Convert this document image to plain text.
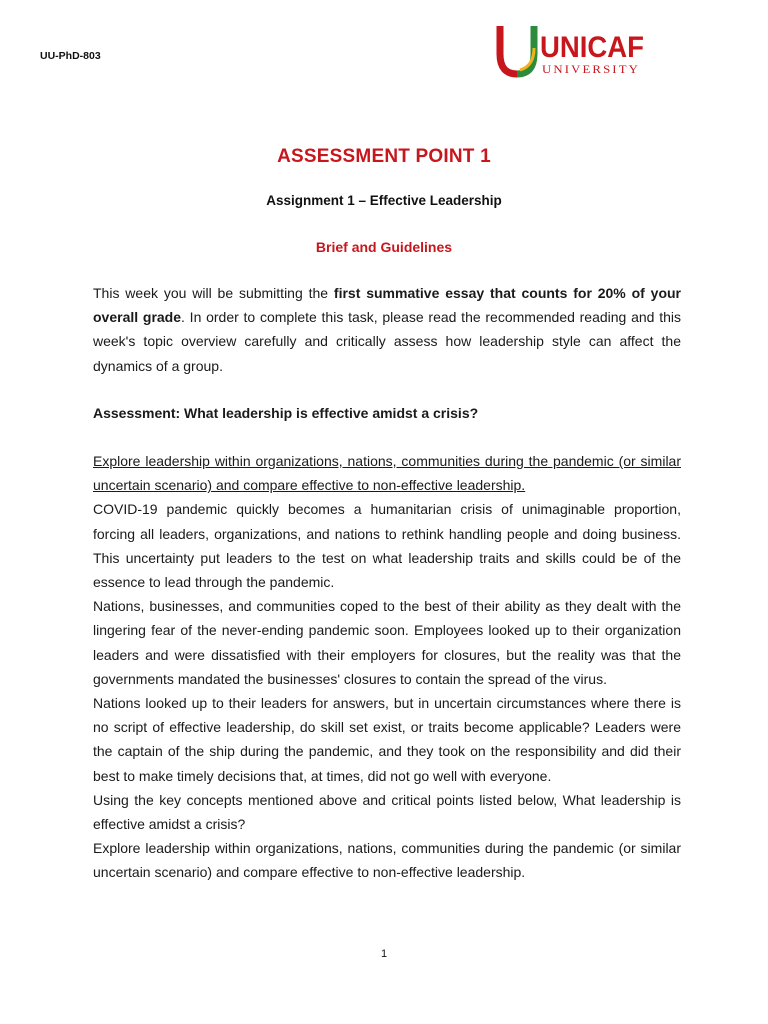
UU-PhD-803	UNICAF
UNIVERSITY
ASSESSMENT POINT 1
Assignment 1 – Effective Leadership
Brief and Guidelines

This week you will be submitting the first summative essay that counts for 20% of your overall grade. In order to complete this task, please read the recommended reading and this week's topic overview carefully and critically assess how leadership style can affect the dynamics of a group.

Assessment: What leadership is effective amidst a crisis?

Explore leadership within organizations, nations, communities during the pandemic (or similar uncertain scenario) and compare effective to non-effective leadership.

COVID-19 pandemic quickly becomes a humanitarian crisis of unimaginable proportion, forcing all leaders, organizations, and nations to rethink handling people and doing business. This uncertainty put leaders to the test on what leadership traits and skills could be of the essence to lead through the pandemic.

Nations, businesses, and communities coped to the best of their ability as they dealt with the lingering fear of the never-ending pandemic soon. Employees looked up to their organization leaders and were dissatisfied with their employers for closures, but the reality was that the governments mandated the businesses' closures to contain the spread of the virus.

Nations looked up to their leaders for answers, but in uncertain circumstances where there is no script of effective leadership, do skill set exist, or traits become applicable? Leaders were the captain of the ship during the pandemic, and they took on the responsibility and did their best to make timely decisions that, at times, did not go well with everyone.

Using the key concepts mentioned above and critical points listed below, What leadership is effective amidst a crisis?

Explore leadership within organizations, nations, communities during the pandemic (or similar uncertain scenario) and compare effective to non-effective leadership.

1
